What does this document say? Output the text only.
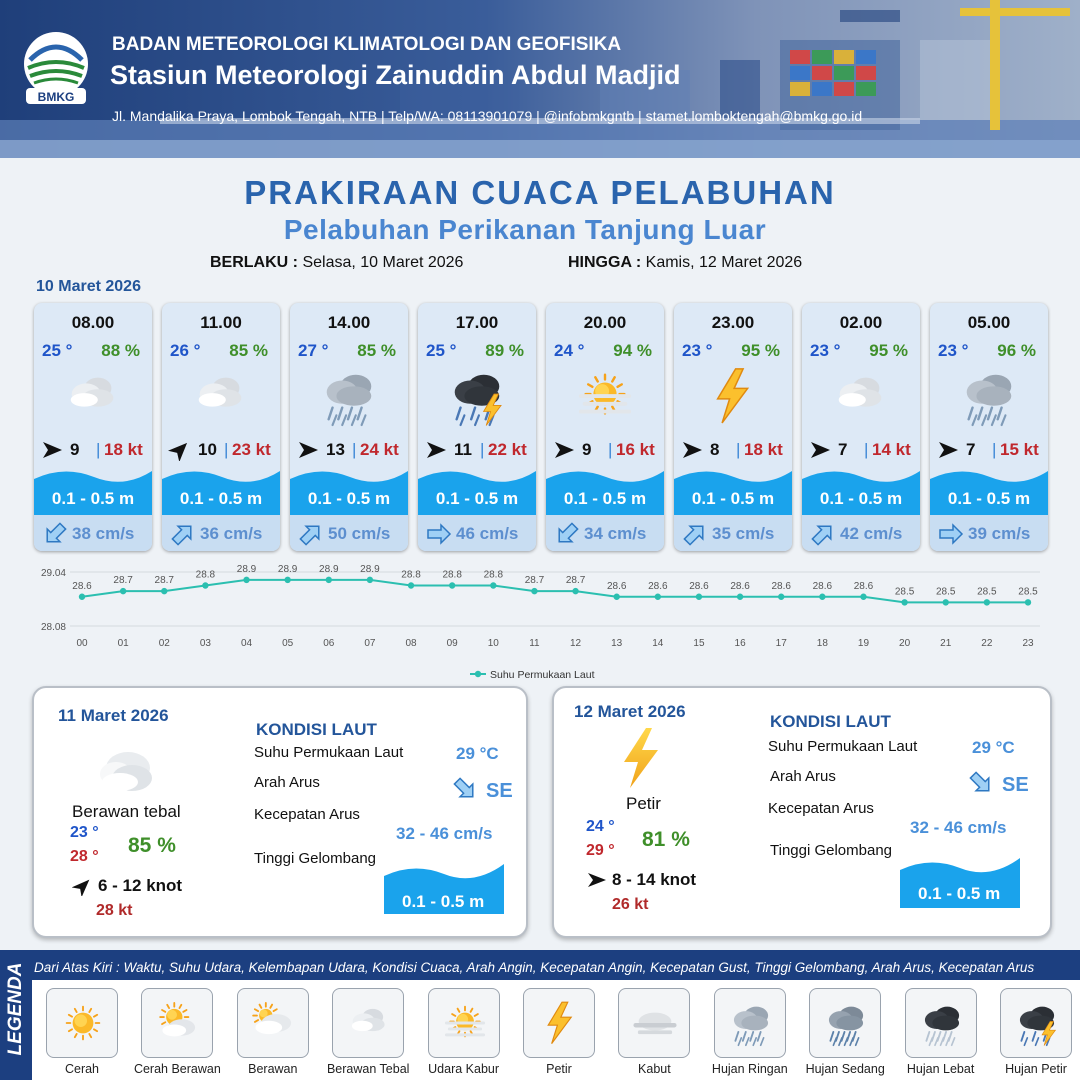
BMKG
BADAN METEOROLOGI KLIMATOLOGI DAN GEOFISIKA
Stasiun Meteorologi Zainuddin Abdul Madjid
Jl. Mandalika Praya, Lombok Tengah, NTB | Telp/WA: 08113901079 | @infobmkgntb | stamet.lomboktengah@bmkg.go.id
PRAKIRAAN CUACA PELABUHAN
Pelabuhan Perikanan Tanjung Luar
BERLAKU : Selasa, 10 Maret 2026	HINGGA : Kamis, 12 Maret 2026
10 Maret 2026
08.00
25 ° 88 %
9 | 18 kt
0.1 - 0.5 m
38 cm/s
11.00
26 ° 85 %
10 | 23 kt
0.1 - 0.5 m
36 cm/s
14.00
27 ° 85 %
13 | 24 kt
0.1 - 0.5 m
50 cm/s
17.00
25 ° 89 %
11 | 22 kt
0.1 - 0.5 m
46 cm/s
20.00
24 ° 94 %
9 | 16 kt
0.1 - 0.5 m
34 cm/s
23.00
23 ° 95 %
8 | 18 kt
0.1 - 0.5 m
35 cm/s
02.00
23 ° 95 %
7 | 14 kt
0.1 - 0.5 m
42 cm/s
05.00
23 ° 96 %
7 | 15 kt
0.1 - 0.5 m
39 cm/s
29.04
28.08
28.6
00
28.7
01
28.7
02
28.8
03
28.9
04
28.9
05
28.9
06
28.9
07
28.8
08
28.8
09
28.8
10
28.7
11
28.7
12
28.6
13
28.6
14
28.6
15
28.6
16
28.6
17
28.6
18
28.6
19
28.5
20
28.5
21
28.5
22
28.5
23
Suhu Permukaan Laut
11 Maret 2026
Berawan tebal
23 °
28 ° 85 %
6 - 12 knot
28 kt
KONDISI LAUT
Suhu Permukaan Laut	29 °C
Arah Arus	SE
Kecepatan Arus
32 - 46 cm/s
Tinggi Gelombang
0.1 - 0.5 m
12 Maret 2026
Petir
24 °
29 ° 81 %
8 - 14 knot
26 kt
KONDISI LAUT
Suhu Permukaan Laut	29 °C
Arah Arus	SE
Kecepatan Arus
32 - 46 cm/s
Tinggi Gelombang
0.1 - 0.5 m
LEGENDA Dari Atas Kiri : Waktu, Suhu Udara, Kelembapan Udara, Kondisi Cuaca, Arah Angin, Kecepatan Angin, Kecepatan Gust, Tinggi Gelombang, Arah Arus, Kecepatan Arus
Cerah	Cerah Berawan	Berawan	Berawan Tebal	Udara Kabur	Petir	Kabut	Hujan Ringan	Hujan Sedang	Hujan Lebat	Hujan Petir
